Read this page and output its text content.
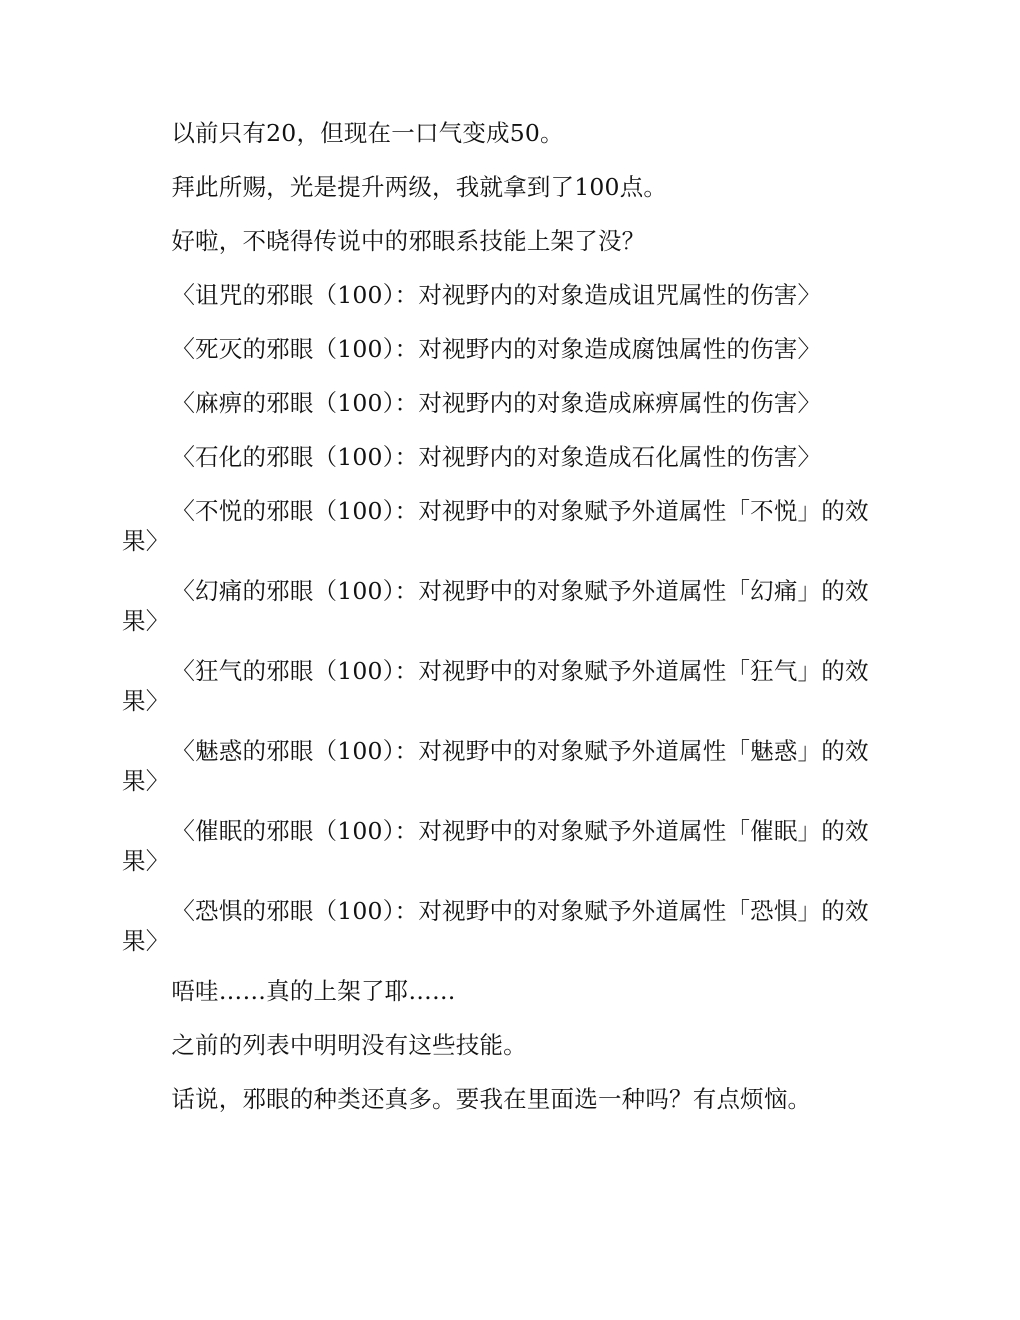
以前只有20，但现在一口气变成50。

拜此所赐，光是提升两级，我就拿到了100点。

好啦，不晓得传说中的邪眼系技能上架了没？

〈诅咒的邪眼（100）：对视野内的对象造成诅咒属性的伤害〉

〈死灭的邪眼（100）：对视野内的对象造成腐蚀属性的伤害〉

〈麻痹的邪眼（100）：对视野内的对象造成麻痹属性的伤害〉

〈石化的邪眼（100）：对视野内的对象造成石化属性的伤害〉

〈不悦的邪眼（100）：对视野中的对象赋予外道属性「不悦」的效果〉

〈幻痛的邪眼（100）：对视野中的对象赋予外道属性「幻痛」的效果〉

〈狂气的邪眼（100）：对视野中的对象赋予外道属性「狂气」的效果〉

〈魅惑的邪眼（100）：对视野中的对象赋予外道属性「魅惑」的效果〉

〈催眠的邪眼（100）：对视野中的对象赋予外道属性「催眠」的效果〉

〈恐惧的邪眼（100）：对视野中的对象赋予外道属性「恐惧」的效果〉

唔哇……真的上架了耶……

之前的列表中明明没有这些技能。

话说，邪眼的种类还真多。要我在里面选一种吗？有点烦恼。
